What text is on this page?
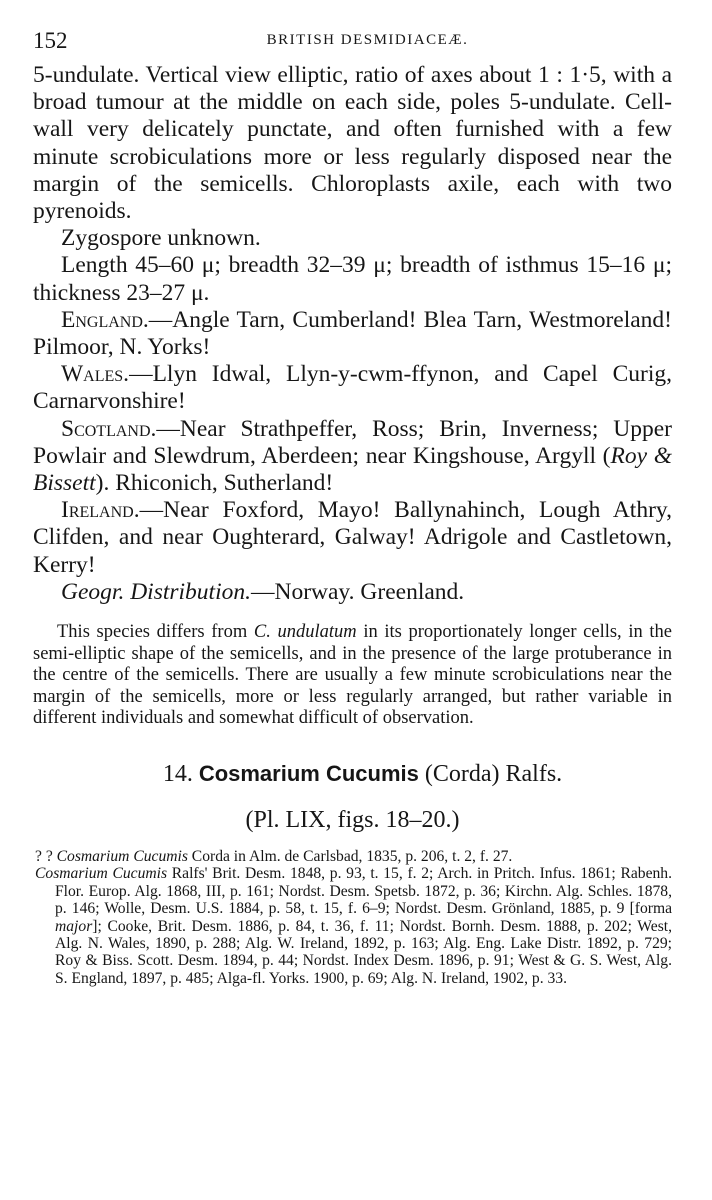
152	BRITISH DESMIDIACEÆ.

5-undulate. Vertical view elliptic, ratio of axes about 1 : 1·5, with a broad tumour at the middle on each side, poles 5-undulate. Cell-wall very delicately punctate, and often furnished with a few minute scrobiculations more or less regularly disposed near the margin of the semicells. Chloroplasts axile, each with two pyrenoids.

Zygospore unknown.

Length 45–60 μ; breadth 32–39 μ; breadth of isthmus 15–16 μ; thickness 23–27 μ.

England.—Angle Tarn, Cumberland! Blea Tarn, Westmoreland! Pilmoor, N. Yorks!

Wales.—Llyn Idwal, Llyn-y-cwm-ffynon, and Capel Curig, Carnarvonshire!

Scotland.—Near Strathpeffer, Ross; Brin, Inverness; Upper Powlair and Slewdrum, Aberdeen; near Kingshouse, Argyll (Roy & Bissett). Rhiconich, Sutherland!

Ireland.—Near Foxford, Mayo! Ballynahinch, Lough Athry, Clifden, and near Oughterard, Galway! Adrigole and Castletown, Kerry!

Geogr. Distribution.—Norway. Greenland.

This species differs from C. undulatum in its proportionately longer cells, in the semi-elliptic shape of the semicells, and in the presence of the large protuberance in the centre of the semicells. There are usually a few minute scrobiculations near the margin of the semicells, more or less regularly arranged, but rather variable in different individuals and somewhat difficult of observation.

14. Cosmarium Cucumis (Corda) Ralfs.
(Pl. LIX, figs. 18–20.)

? ? Cosmarium Cucumis Corda in Alm. de Carlsbad, 1835, p. 206, t. 2, f. 27.

Cosmarium Cucumis Ralfs' Brit. Desm. 1848, p. 93, t. 15, f. 2; Arch. in Pritch. Infus. 1861; Rabenh. Flor. Europ. Alg. 1868, III, p. 161; Nordst. Desm. Spetsb. 1872, p. 36; Kirchn. Alg. Schles. 1878, p. 146; Wolle, Desm. U.S. 1884, p. 58, t. 15, f. 6–9; Nordst. Desm. Grönland, 1885, p. 9 [forma major]; Cooke, Brit. Desm. 1886, p. 84, t. 36, f. 11; Nordst. Bornh. Desm. 1888, p. 202; West, Alg. N. Wales, 1890, p. 288; Alg. W. Ireland, 1892, p. 163; Alg. Eng. Lake Distr. 1892, p. 729; Roy & Biss. Scott. Desm. 1894, p. 44; Nordst. Index Desm. 1896, p. 91; West & G. S. West, Alg. S. England, 1897, p. 485; Alga-fl. Yorks. 1900, p. 69; Alg. N. Ireland, 1902, p. 33.
